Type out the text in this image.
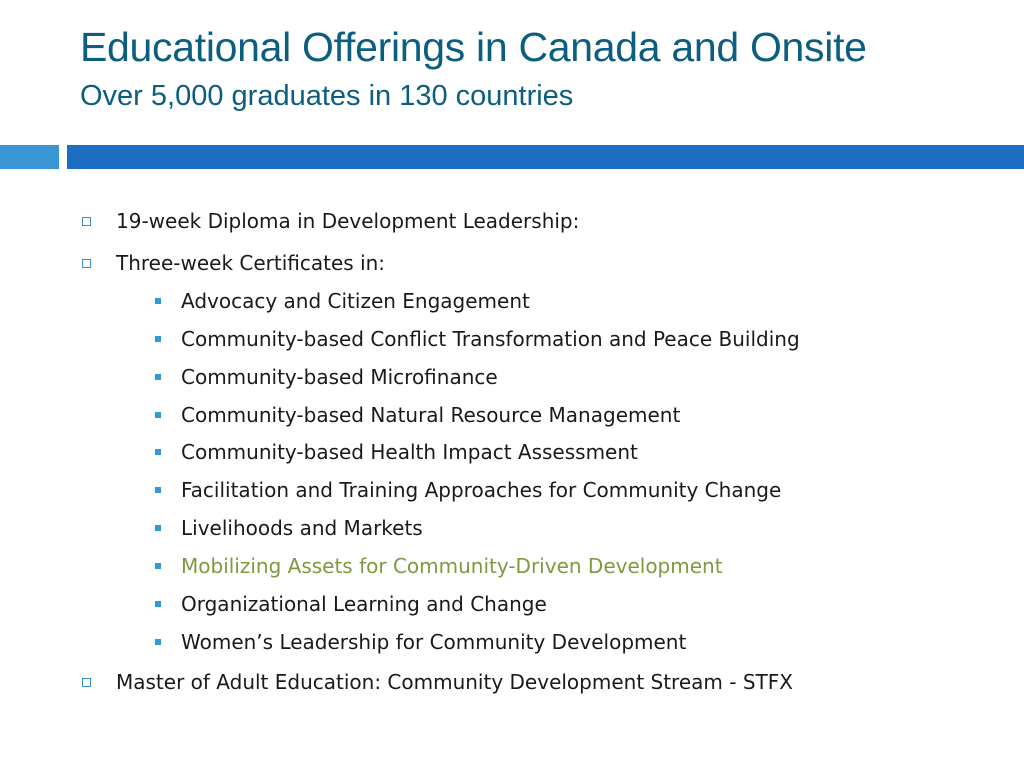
Educational Offerings in Canada and Onsite
Over 5,000 graduates in 130 countries
19-week Diploma in Development Leadership:
Three-week Certificates in:
Advocacy and Citizen Engagement
Community-based Conflict Transformation and Peace Building
Community-based Microfinance
Community-based Natural Resource Management
Community-based Health Impact Assessment
Facilitation and Training Approaches for Community Change
Livelihoods and Markets
Mobilizing Assets for Community-Driven Development
Organizational Learning and Change
Women’s Leadership for Community Development
Master of Adult Education: Community Development Stream - STFX
